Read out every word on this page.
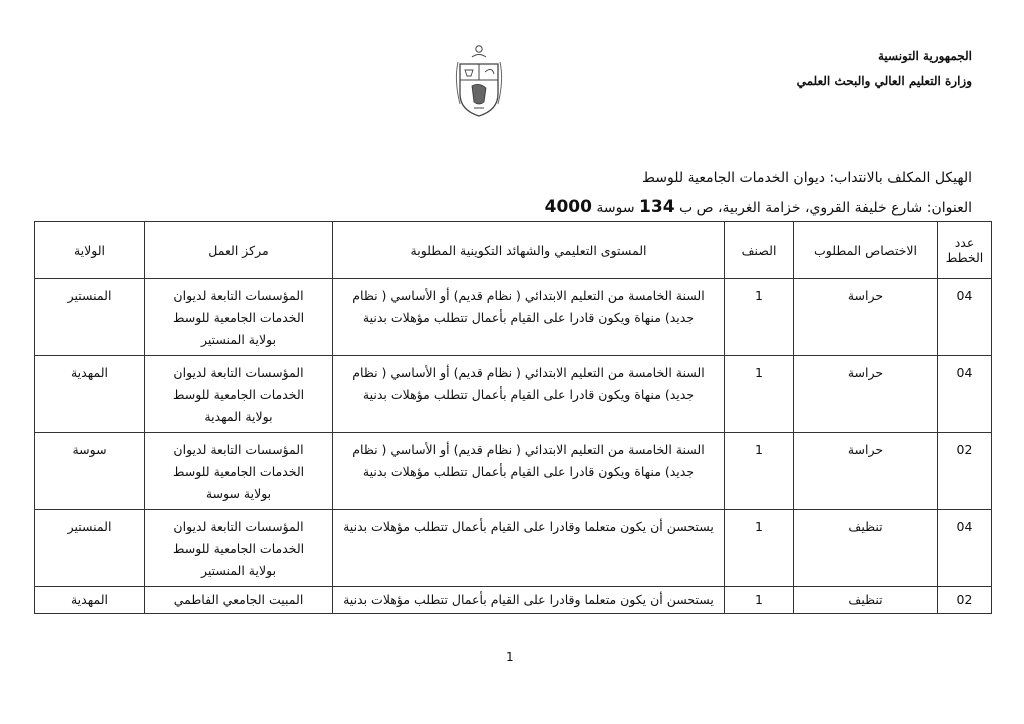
الجمهورية التونسية
وزارة التعليم العالي والبحث العلمي
الهيكل المكلف بالانتداب: ديوان الخدمات الجامعية للوسط
العنوان: شارع خليفة القروي، خزامة الغربية، ص ب 134 سوسة 4000
عدد
الخطط	الاختصاص المطلوب	الصنف	المستوى التعليمي والشهائد التكوينية المطلوبة	مركز العمل	الولاية
04	حراسة	1	السنة الخامسة من التعليم الابتدائي ( نظام قديم) أو الأساسي ( نظام جديد) منهاة ويكون قادرا على القيام بأعمال تتطلب مؤهلات بدنية	المؤسسات التابعة لديوان
الخدمات الجامعية للوسط
بولاية المنستير	المنستير
04	حراسة	1	السنة الخامسة من التعليم الابتدائي ( نظام قديم) أو الأساسي ( نظام جديد) منهاة ويكون قادرا على القيام بأعمال تتطلب مؤهلات بدنية	المؤسسات التابعة لديوان
الخدمات الجامعية للوسط
بولاية المهدية	المهدية
02	حراسة	1	السنة الخامسة من التعليم الابتدائي ( نظام قديم) أو الأساسي ( نظام جديد) منهاة ويكون قادرا على القيام بأعمال تتطلب مؤهلات بدنية	المؤسسات التابعة لديوان
الخدمات الجامعية للوسط
بولاية سوسة	سوسة
04	تنظيف	1	يستحسن أن يكون متعلما وقادرا على القيام بأعمال تتطلب مؤهلات بدنية	المؤسسات التابعة لديوان
الخدمات الجامعية للوسط
بولاية المنستير	المنستير
02	تنظيف	1	يستحسن أن يكون متعلما وقادرا على القيام بأعمال تتطلب مؤهلات بدنية	المبيت الجامعي الفاطمي	المهدية
1
